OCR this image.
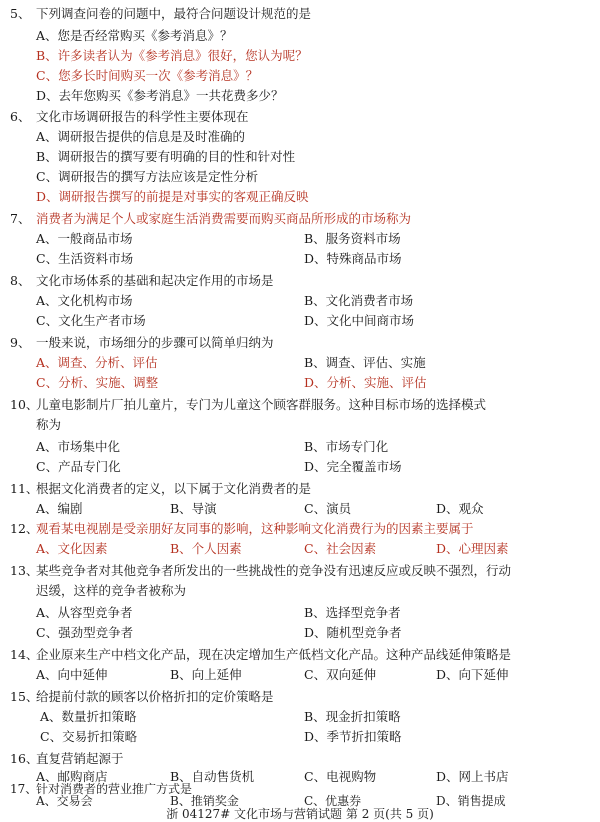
5、 下列调查问卷的问题中，最符合问题设计规范的是
A、您是否经常购买《参考消息》？
B、许多读者认为《参考消息》很好，您认为呢？
C、您多长时间购买一次《参考消息》？
D、去年您购买《参考消息》一共花费多少？
6、 文化市场调研报告的科学性主要体现在
A、调研报告提供的信息是及时准确的
B、调研报告的撰写要有明确的目的性和针对性
C、调研报告的撰写方法应该是定性分析
D、调研报告撰写的前提是对事实的客观正确反映
7、 消费者为满足个人或家庭生活消费需要而购买商品所形成的市场称为
A、一般商品市场	B、服务资料市场
C、生活资料市场	D、特殊商品市场
8、 文化市场体系的基础和起决定作用的市场是
A、文化机构市场	B、文化消费者市场
C、文化生产者市场	D、文化中间商市场
9、 一般来说，市场细分的步骤可以简单归纳为
A、调查、分析、评估	B、调查、评估、实施
C、分析、实施、调整	D、分析、实施、评估
10、
儿童电影制片厂拍儿童片，专门为儿童这个顾客群服务。这种目标市场的选择模式
称为
A、市场集中化	B、市场专门化
C、产品专门化	D、完全覆盖市场
11、
根据文化消费者的定义，以下属于文化消费者的是
A、编剧	B、导演	C、演员	D、观众
12、
观看某电视剧是受亲朋好友同事的影响，这种影响文化消费行为的因素主要属于
A、文化因素	B、个人因素	C、社会因素	D、心理因素
13、
某些竞争者对其他竞争者所发出的一些挑战性的竞争没有迅速反应或反映不强烈，行动
迟缓，这样的竞争者被称为
A、从容型竞争者	B、选择型竞争者
C、强劲型竞争者	D、随机型竞争者
14、
企业原来生产中档文化产品，现在决定增加生产低档文化产品。这种产品线延伸策略是
A、向中延伸	B、向上延伸	C、双向延伸	D、向下延伸
15、
给提前付款的顾客以价格折扣的定价策略是
A、数量折扣策略	B、现金折扣策略
C、交易折扣策略	D、季节折扣策略
16、
直复营销起源于
A、邮购商店	B、自动售货机	C、电视购物	D、网上书店
17、
针对消费者的营业推广方式是
A、交易会	B、推销奖金	C、优惠券	D、销售提成
浙 04127# 文化市场与营销试题 第 2 页(共 5 页)
